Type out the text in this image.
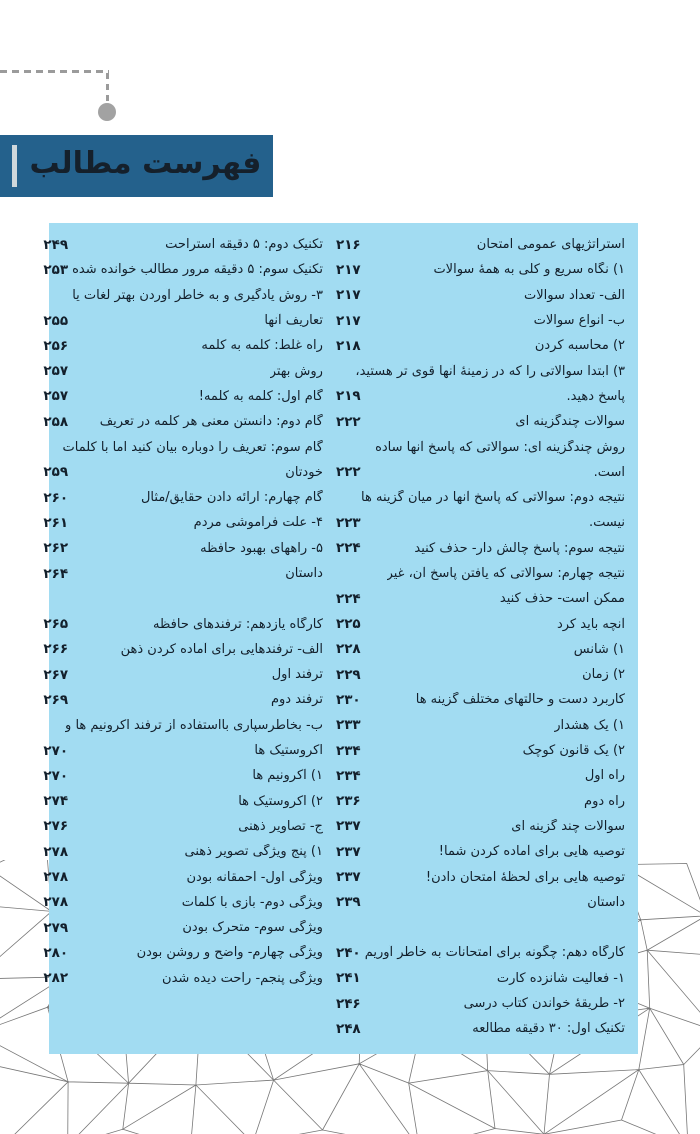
فهرست مطالب
استراتژیهای عمومی امتحان
۲۱۶
۱) نگاه سریع و کلی به همهٔ سوالات
۲۱۷
الف- تعداد سوالات
۲۱۷
ب- انواع سوالات
۲۱۷
۲) محاسبه کردن
۲۱۸
۳) ابتدا سوالاتی را که در زمینهٔ آنها قوی تر هستید،
پاسخ دهید.
۲۱۹
سوالات چندگزینه ای
۲۲۲
روش چندگزینه ای: سوالاتی که پاسخ آنها ساده
است.
۲۲۲
نتیجه دوم: سوالاتی که پاسخ آنها در میان گزینه ها
نیست.
۲۲۳
نتیجه سوم: پاسخ چالش دار- حذف کنید
۲۲۴
نتیجه چهارم: سوالاتی که یافتن پاسخ آن، غیر
ممکن است- حذف کنید
۲۲۴
آنچه باید کرد
۲۲۵
۱) شانس
۲۲۸
۲) زمان
۲۲۹
کاربرد دست و حالتهای مختلف گزینه ها
۲۳۰
۱) یک هشدار
۲۳۳
۲) یک قانون کوچک
۲۳۴
راه اول
۲۳۴
راه دوم
۲۳۶
سوالات چند گزینه ای
۲۳۷
توصیه هایی برای آماده کردن شما!
۲۳۷
توصیه هایی برای لحظهٔ امتحان دادن!
۲۳۷
داستان
۲۳۹
کارگاه دهم: چگونه برای امتحانات به خاطر آوریم
۲۴۰
۱- فعالیت شانزده کارت
۲۴۱
۲- طریقهٔ خواندن کتاب درسی
۲۴۶
تکنیک اول: ۳۰ دقیقه مطالعه
۲۴۸
تکنیک دوم: ۵ دقیقه استراحت
۲۴۹
تکنیک سوم: ۵ دقیقه مرور مطالب خوانده شده
۲۵۳
۳- روش یادگیری و به خاطر آوردن بهتر لغات یا
تعاریف آنها
۲۵۵
راه غلط: کلمه به کلمه
۲۵۶
روش بهتر
۲۵۷
گام اول: کلمه به کلمه!
۲۵۷
گام دوم: دانستن معنی هر کلمه در تعریف
۲۵۸
گام سوم: تعریف را دوباره بیان کنید اما با کلمات
خودتان
۲۵۹
گام چهارم: ارائه دادن حقایق/مثال
۲۶۰
۴- علت فراموشی مردم
۲۶۱
۵- راههای بهبود حافظه
۲۶۲
داستان
۲۶۴
کارگاه یازدهم: ترفندهای حافظه
۲۶۵
الف- ترفندهایی برای آماده کردن ذهن
۲۶۶
ترفند اول
۲۶۷
ترفند دوم
۲۶۹
ب- بخاطرسپاری بااستفاده از ترفند اکرونیم ها و
اکروستیک ها
۲۷۰
۱) آکرونیم ها
۲۷۰
۲) اکروستیک ها
۲۷۴
ج- تصاویر ذهنی
۲۷۶
۱) پنج ویژگی تصویر ذهنی
۲۷۸
ویژگی اول- احمقانه بودن
۲۷۸
ویژگی دوم- بازی با کلمات
۲۷۸
ویژگی سوم- متحرک بودن
۲۷۹
ویژگی چهارم- واضح و روشن بودن
۲۸۰
ویژگی پنجم- راحت دیده شدن
۲۸۲
